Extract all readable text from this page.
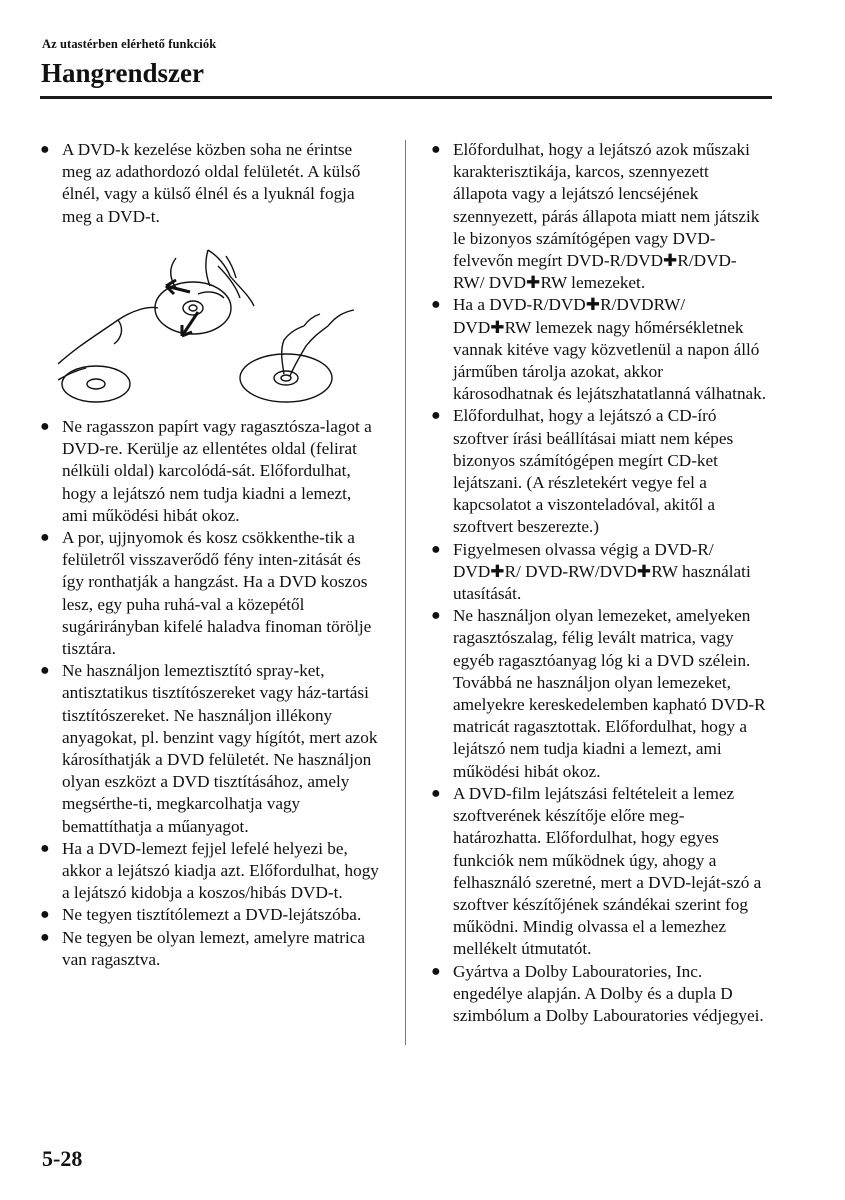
Az utastérben elérhető funkciók
Hangrendszer
● A DVD-k kezelése közben soha ne érintse meg az adathordozó oldal felületét. A külső élnél, vagy a külső élnél és a lyuknál fogja meg a DVD-t.
● Ne ragasszon papírt vagy ragasztósza-lagot a DVD-re. Kerülje az ellentétes oldal (felirat nélküli oldal) karcolódá-sát. Előfordulhat, hogy a lejátszó nem tudja kiadni a lemezt, ami működési hibát okoz.
● A por, ujjnyomok és kosz csökkenthe-tik a felületről visszaverődő fény inten-zitását és így ronthatják a hangzást. Ha a DVD koszos lesz, egy puha ruhá-val a közepétől sugárirányban kifelé haladva finoman törölje tisztára.
● Ne használjon lemeztisztító spray-ket, antisztatikus tisztítószereket vagy ház-tartási tisztítószereket. Ne használjon illékony anyagokat, pl. benzint vagy hígítót, mert azok károsíthatják a DVD felületét. Ne használjon olyan eszközt a DVD tisztításához, amely megsérthe-ti, megkarcolhatja vagy bemattíthatja a műanyagot.
● Ha a DVD-lemezt fejjel lefelé helyezi be, akkor a lejátszó kiadja azt. Előfordulhat, hogy a lejátszó kidobja a koszos/hibás DVD-t.
● Ne tegyen tisztítólemezt a DVD-lejátszóba.
● Ne tegyen be olyan lemezt, amelyre matrica van ragasztva.
● Előfordulhat, hogy a lejátszó azok műszaki karakterisztikája, karcos, szennyezett állapota vagy a lejátszó lencséjének szennyezett, párás állapota miatt nem játszik le bizonyos számítógépen vagy DVD-felvevőn megírt DVD-R/DVD✚R/DVD-RW/ DVD✚RW lemezeket.
● Ha a DVD-R/DVD✚R/DVDRW/ DVD✚RW lemezek nagy hőmérsékletnek vannak kitéve vagy közvetlenül a napon álló járműben tárolja azokat, akkor károsodhatnak és lejátszhatatlanná válhatnak.
● Előfordulhat, hogy a lejátszó a CD-író szoftver írási beállításai miatt nem képes bizonyos számítógépen megírt CD-ket lejátszani. (A részletekért vegye fel a kapcsolatot a viszonteladóval, akitől a szoftvert beszerezte.)
● Figyelmesen olvassa végig a DVD-R/ DVD✚R/ DVD-RW/DVD✚RW használati utasítását.
● Ne használjon olyan lemezeket, amelyeken ragasztószalag, félig levált matrica, vagy egyéb ragasztóanyag lóg ki a DVD szélein. Továbbá ne használjon olyan lemezeket, amelyekre kereskedelemben kapható DVD-R matricát ragasztottak. Előfordulhat, hogy a lejátszó nem tudja kiadni a lemezt, ami működési hibát okoz.
● A DVD-film lejátszási feltételeit a lemez szoftverének készítője előre meg-határozhatta. Előfordulhat, hogy egyes funkciók nem működnek úgy, ahogy a felhasználó szeretné, mert a DVD-leját-szó a szoftver készítőjének szándékai szerint fog működni. Mindig olvassa el a lemezhez mellékelt útmutatót.
● Gyártva a Dolby Labouratories, Inc. engedélye alapján. A Dolby és a dupla D szimbólum a Dolby Labouratories védjegyei.
5-28
